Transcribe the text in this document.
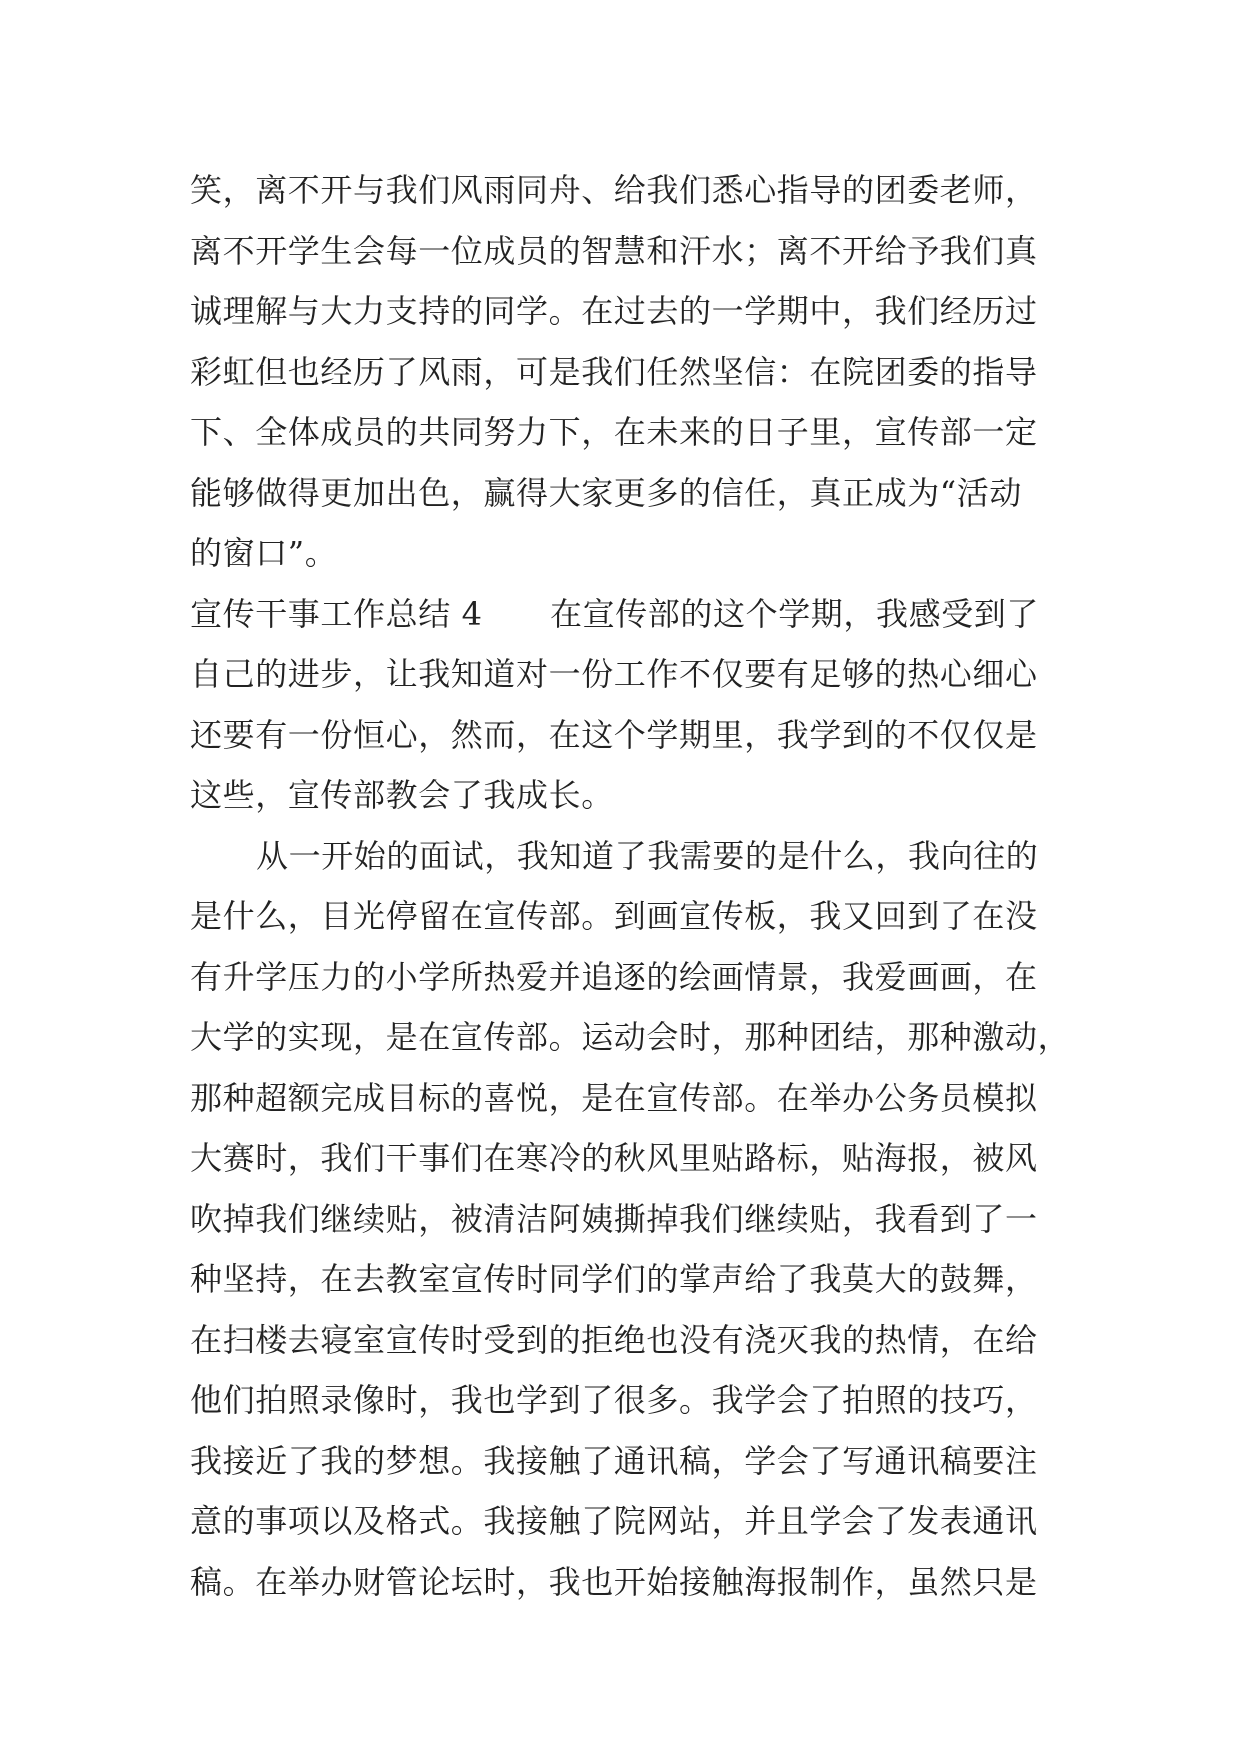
笑，离不开与我们风雨同舟、给我们悉心指导的团委老师，
离不开学生会每一位成员的智慧和汗水；离不开给予我们真
诚理解与大力支持的同学。在过去的一学期中，我们经历过
彩虹但也经历了风雨，可是我们任然坚信：在院团委的指导
下、全体成员的共同努力下，在未来的日子里，宣传部一定
能够做得更加出色，赢得大家更多的信任，真正成为“活动
的窗口”。
宣传干事工作总结 4 在宣传部的这个学期，我感受到了
自己的进步，让我知道对一份工作不仅要有足够的热心细心
还要有一份恒心，然而，在这个学期里，我学到的不仅仅是
这些，宣传部教会了我成长。
从一开始的面试，我知道了我需要的是什么，我向往的
是什么，目光停留在宣传部。到画宣传板，我又回到了在没
有升学压力的小学所热爱并追逐的绘画情景，我爱画画，在
大学的实现，是在宣传部。运动会时，那种团结，那种激动，
那种超额完成目标的喜悦，是在宣传部。在举办公务员模拟
大赛时，我们干事们在寒冷的秋风里贴路标，贴海报，被风
吹掉我们继续贴，被清洁阿姨撕掉我们继续贴，我看到了一
种坚持，在去教室宣传时同学们的掌声给了我莫大的鼓舞，
在扫楼去寝室宣传时受到的拒绝也没有浇灭我的热情，在给
他们拍照录像时，我也学到了很多。我学会了拍照的技巧，
我接近了我的梦想。我接触了通讯稿，学会了写通讯稿要注
意的事项以及格式。我接触了院网站，并且学会了发表通讯
稿。在举办财管论坛时，我也开始接触海报制作，虽然只是
